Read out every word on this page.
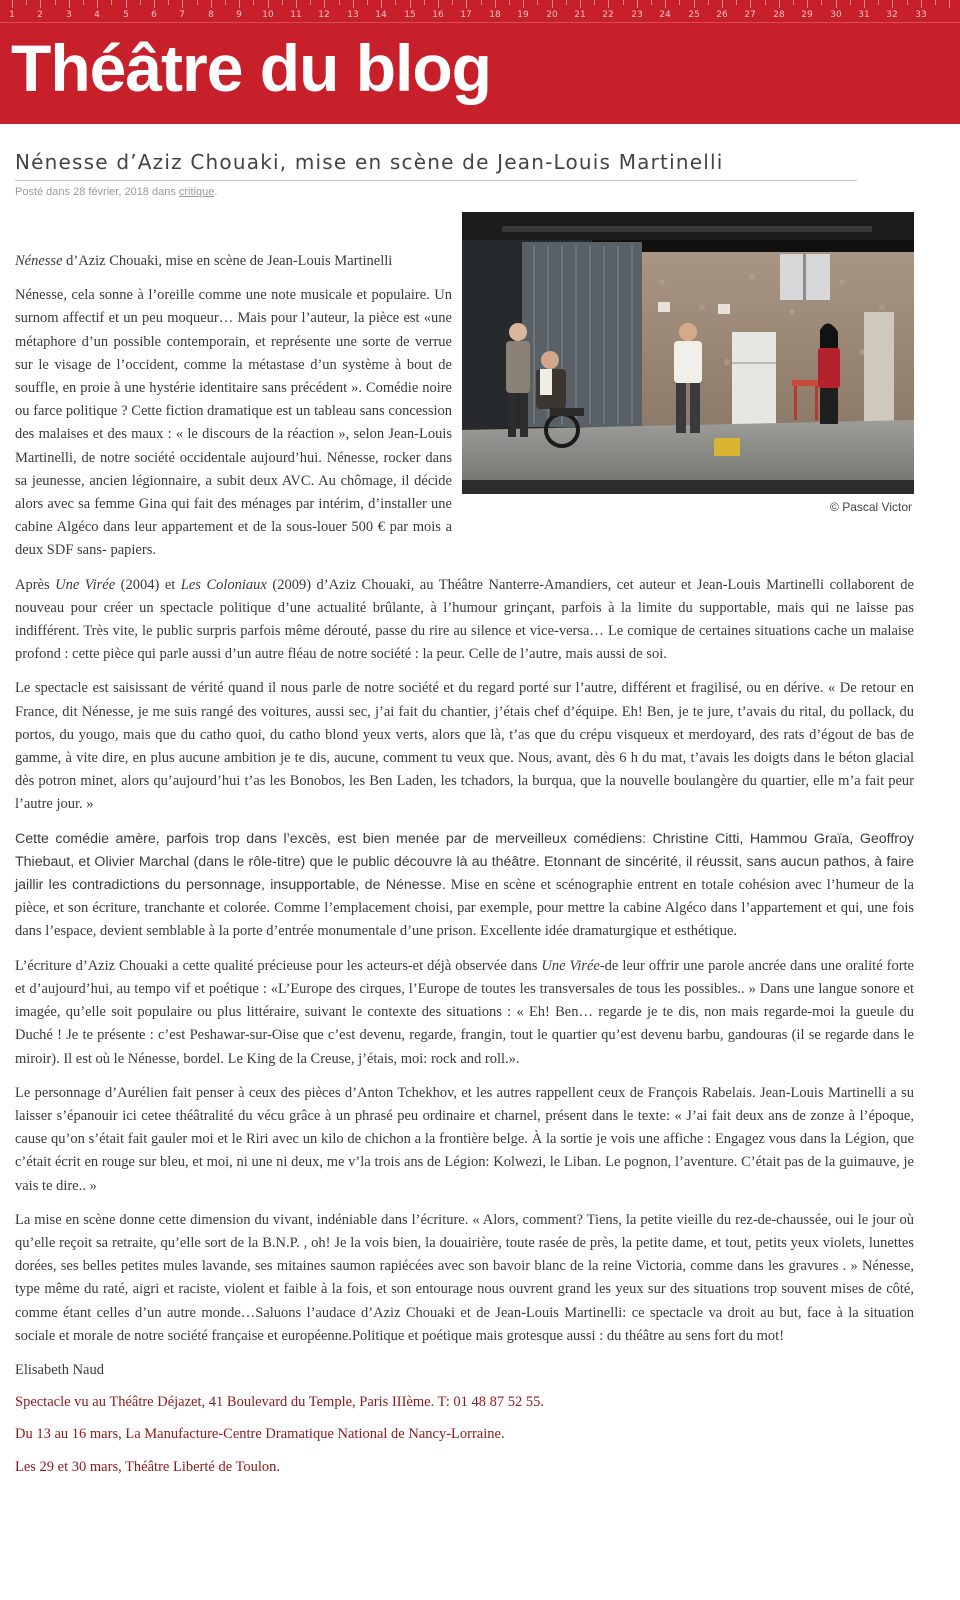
1 2	3 4	5 6 7	8 9 10 11 12 13 14 15 16 17 18 19 20 21 22 23 24 25 26 27 28 29 30 31 32 33
Théâtre du blog
Nénesse d’Aziz Chouaki, mise en scène de Jean-Louis Martinelli
Posté dans 28 février, 2018 dans critique.
© Pascal Victor

Nénesse d’Aziz Chouaki, mise en scène de Jean-Louis Martinelli

Nénesse, cela sonne à l’oreille comme une note musicale et populaire. Un surnom affectif et un peu moqueur… Mais pour l’auteur, la pièce est «une métaphore d’un possible contemporain, et représente une sorte de verrue sur le visage de l’occident, comme la métastase d’un système à bout de souffle, en proie à une hystérie identitaire sans précédent ». Comédie noire ou farce politique ? Cette fiction dramatique est un tableau sans concession des malaises et des maux : « le discours de la réaction », selon Jean-Louis Martinelli, de notre société occidentale aujourd’hui. Nénesse, rocker dans sa jeunesse, ancien légionnaire, a subit deux AVC. Au chômage, il décide alors avec sa femme Gina qui fait des ménages par intérim, d’installer une cabine Algéco dans leur appartement et de la sous-louer 500 € par mois a deux SDF sans- papiers.

Après Une Virée (2004) et Les Coloniaux (2009) d’Aziz Chouaki, au Théâtre Nanterre-Amandiers, cet auteur et Jean-Louis Martinelli collaborent de nouveau pour créer un spectacle politique d’une actualité brûlante, à l’humour grinçant, parfois à la limite du supportable, mais qui ne laisse pas indifférent. Très vite, le public surpris parfois même dérouté, passe du rire au silence et vice-versa… Le comique de certaines situations cache un malaise profond : cette pièce qui parle aussi d’un autre fléau de notre société : la peur. Celle de l’autre, mais aussi de soi.

Le spectacle est saisissant de vérité quand il nous parle de notre société et du regard porté sur l’autre, différent et fragilisé, ou en dérive. « De retour en France, dit Nénesse, je me suis rangé des voitures, aussi sec, j’ai fait du chantier, j’étais chef d’équipe. Eh! Ben, je te jure, t’avais du rital, du pollack, du portos, du yougo, mais que du catho quoi, du catho blond yeux verts, alors que là, t’as que du crépu visqueux et merdoyard, des rats d’égout de bas de gamme, à vite dire, en plus aucune ambition je te dis, aucune, comment tu veux que. Nous, avant, dès 6 h du mat, t’avais les doigts dans le béton glacial dès potron minet, alors qu’aujourd’hui t’as les Bonobos, les Ben Laden, les tchadors, la burqua, que la nouvelle boulangère du quartier, elle m’a fait peur l’autre jour. »

Cette comédie amère, parfois trop dans l’excès, est bien menée par de merveilleux comédiens: Christine Citti, Hammou Graïa, Geoffroy Thiebaut, et Olivier Marchal (dans le rôle-titre) que le public découvre là au théâtre. Etonnant de sincérité, il réussit, sans aucun pathos, à faire jaillir les contradictions du personnage, insupportable, de Nénesse. Mise en scène et scénographie entrent en totale cohésion avec l’humeur de la pièce, et son écriture, tranchante et colorée. Comme l’emplacement choisi, par exemple, pour mettre la cabine Algéco dans l’appartement et qui, une fois dans l’espace, devient semblable à la porte d’entrée monumentale d’une prison. Excellente idée dramaturgique et esthétique.

L’écriture d’Aziz Chouaki a cette qualité précieuse pour les acteurs-et déjà observée dans Une Virée-de leur offrir une parole ancrée dans une oralité forte et d’aujourd’hui, au tempo vif et poétique : «L’Europe des cirques, l’Europe de toutes les transversales de tous les possibles.. » Dans une langue sonore et imagée, qu’elle soit populaire ou plus littéraire, suivant le contexte des situations : « Eh! Ben… regarde je te dis, non mais regarde-moi la gueule du Duché ! Je te présente : c’est Peshawar-sur-Oise que c’est devenu, regarde, frangin, tout le quartier qu’est devenu barbu, gandouras (il se regarde dans le miroir). Il est où le Nénesse, bordel. Le King de la Creuse, j’étais, moi: rock and roll.».

Le personnage d’Aurélien fait penser à ceux des pièces d’Anton Tchekhov, et les autres rappellent ceux de François Rabelais. Jean-Louis Martinelli a su laisser s’épanouir ici cetee théâtralité du vécu grâce à un phrasé peu ordinaire et charnel, présent dans le texte: « J’ai fait deux ans de zonze à l’époque, cause qu’on s’était fait gauler moi et le Riri avec un kilo de chichon a la frontière belge. À la sortie je vois une affiche : Engagez vous dans la Légion, que c’était écrit en rouge sur bleu, et moi, ni une ni deux, me v’la trois ans de Légion: Kolwezi, le Liban. Le pognon, l’aventure. C’était pas de la guimauve, je vais te dire.. »

La mise en scène donne cette dimension du vivant, indéniable dans l’écriture. « Alors, comment? Tiens, la petite vieille du rez-de-chaussée, oui le jour où qu’elle reçoit sa retraite, qu’elle sort de la B.N.P. , oh! Je la vois bien, la douairière, toute rasée de près, la petite dame, et tout, petits yeux violets, lunettes dorées, ses belles petites mules lavande, ses mitaines saumon rapiécées avec son bavoir blanc de la reine Victoria, comme dans les gravures . » Nénesse, type même du raté, aigri et raciste, violent et faible à la fois, et son entourage nous ouvrent grand les yeux sur des situations trop souvent mises de côté, comme étant celles d’un autre monde…Saluons l’audace d’Aziz Chouaki et de Jean-Louis Martinelli: ce spectacle va droit au but, face à la situation sociale et morale de notre société française et européenne.Politique et poétique mais grotesque aussi : du théâtre au sens fort du mot!

Elisabeth Naud

Spectacle vu au Théâtre Déjazet, 41 Boulevard du Temple, Paris IIIème. T: 01 48 87 52 55.

Du 13 au 16 mars, La Manufacture-Centre Dramatique National de Nancy-Lorraine.

Les 29 et 30 mars, Théâtre Liberté de Toulon.
